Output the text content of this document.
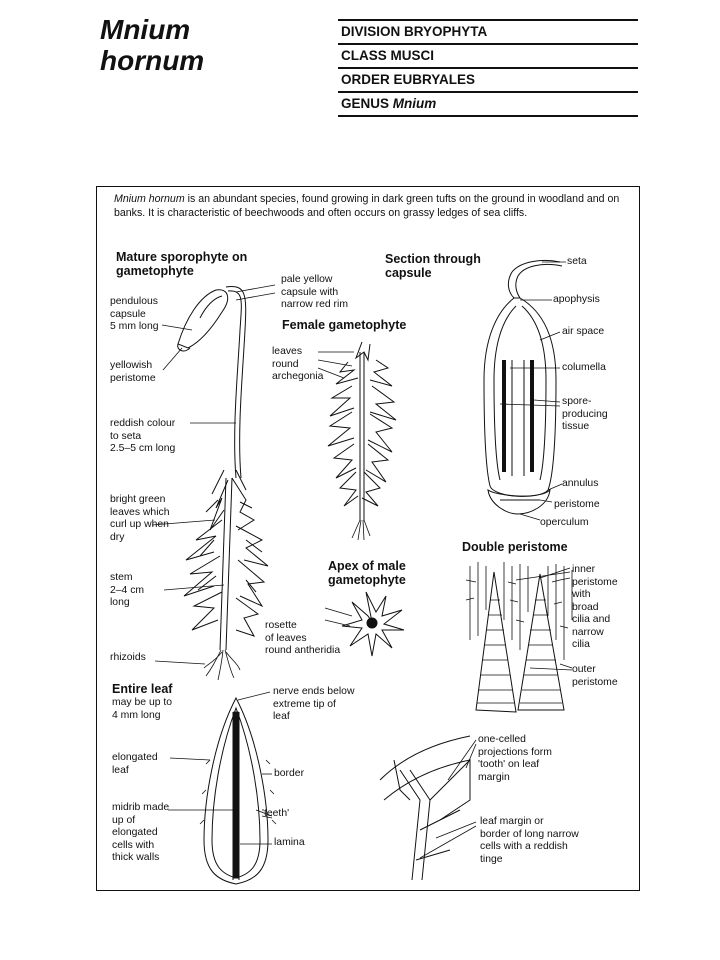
Mnium
hornum
DIVISION BRYOPHYTA
CLASS MUSCI
ORDER EUBRYALES
GENUS Mnium
Mnium hornum is an abundant species, found growing in dark green tufts on the ground in woodland and on banks. It is characteristic of beechwoods and often occurs on grassy ledges of sea cliffs.
Mature sporophyte on
gametophyte
Section through
capsule
Female gametophyte
Apex of male
gametophyte
Double peristome
Entire leaf
pale yellow
capsule with
narrow red rim
pendulous
capsule
5 mm long
yellowish
peristome
reddish colour
to seta
2.5–5 cm long
bright green
leaves which
curl up when
dry
stem
2–4 cm
long
rhizoids
leaves
round
archegonia
rosette
of leaves
round antheridia
seta
apophysis
air space
columella
spore-
producing
tissue
annulus
peristome
operculum
inner
peristome
with
broad
cilia and
narrow
cilia
outer
peristome
may be up to
4 mm long
nerve ends below
extreme tip of
leaf
elongated
leaf	border
'teeth'
midrib made
up of
elongated
cells with
thick walls
lamina
one-celled
projections form
'tooth' on leaf
margin
leaf margin or
border of long narrow
cells with a reddish
tinge
